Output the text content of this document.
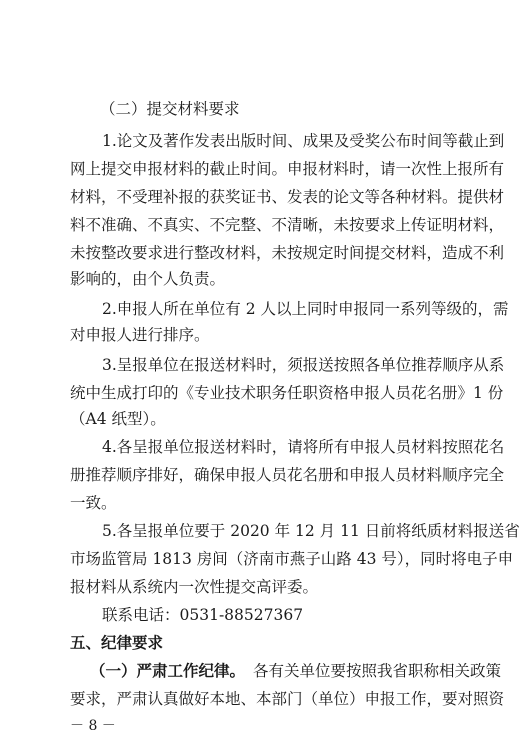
（二）提交材料要求
1.论文及著作发表出版时间、成果及受奖公布时间等截止到
网上提交申报材料的截止时间。申报材料时，请一次性上报所有
材料，不受理补报的获奖证书、发表的论文等各种材料。提供材
料不准确、不真实、不完整、不清晰，未按要求上传证明材料，
未按整改要求进行整改材料，未按规定时间提交材料，造成不利
影响的，由个人负责。
2.申报人所在单位有 2 人以上同时申报同一系列等级的，需
对申报人进行排序。
3.呈报单位在报送材料时，须报送按照各单位推荐顺序从系
统中生成打印的《专业技术职务任职资格申报人员花名册》1 份
（A4 纸型）。
4.各呈报单位报送材料时，请将所有申报人员材料按照花名
册推荐顺序排好，确保申报人员花名册和申报人员材料顺序完全
一致。
5.各呈报单位要于 2020 年 12 月 11 日前将纸质材料报送省
市场监管局 1813 房间（济南市燕子山路 43 号），同时将电子申
报材料从系统内一次性提交高评委。
联系电话：0531-88527367
五、纪律要求
（一）严肃工作纪律。 各有关单位要按照我省职称相关政策
要求，严肃认真做好本地、本部门（单位）申报工作，要对照资
－ 8 －
